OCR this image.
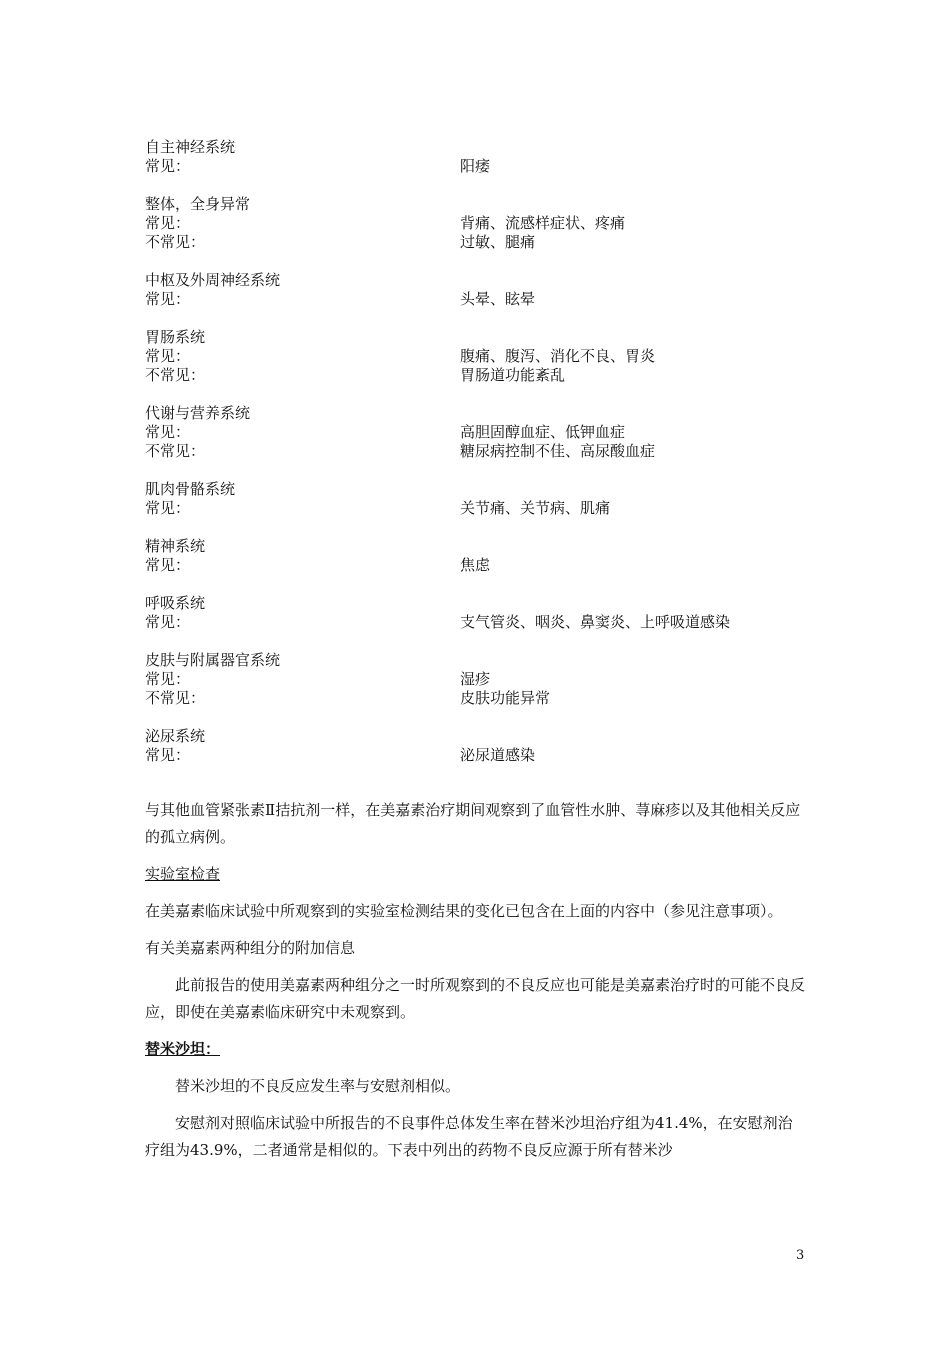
自主神经系统
常见：	阳痿
整体，全身异常
常见：	背痛、流感样症状、疼痛
不常见：	过敏、腿痛
中枢及外周神经系统
常见：	头晕、眩晕
胃肠系统
常见：	腹痛、腹泻、消化不良、胃炎
不常见：	胃肠道功能紊乱
代谢与营养系统
常见：	高胆固醇血症、低钾血症
不常见：	糖尿病控制不佳、高尿酸血症
肌肉骨骼系统
常见：	关节痛、关节病、肌痛
精神系统
常见：	焦虑
呼吸系统
常见：	支气管炎、咽炎、鼻窦炎、上呼吸道感染
皮肤与附属器官系统
常见：	湿疹
不常见：	皮肤功能异常
泌尿系统
常见：	泌尿道感染

与其他血管紧张素Ⅱ拮抗剂一样，在美嘉素治疗期间观察到了血管性水肿、荨麻疹以及其他相关反应的孤立病例。

实验室检查

在美嘉素临床试验中所观察到的实验室检测结果的变化已包含在上面的内容中（参见注意事项）。

有关美嘉素两种组分的附加信息

此前报告的使用美嘉素两种组分之一时所观察到的不良反应也可能是美嘉素治疗时的可能不良反应，即使在美嘉素临床研究中未观察到。

替米沙坦：

替米沙坦的不良反应发生率与安慰剂相似。

安慰剂对照临床试验中所报告的不良事件总体发生率在替米沙坦治疗组为41.4%，在安慰剂治疗组为43.9%，二者通常是相似的。下表中列出的药物不良反应源于所有替米沙

3
